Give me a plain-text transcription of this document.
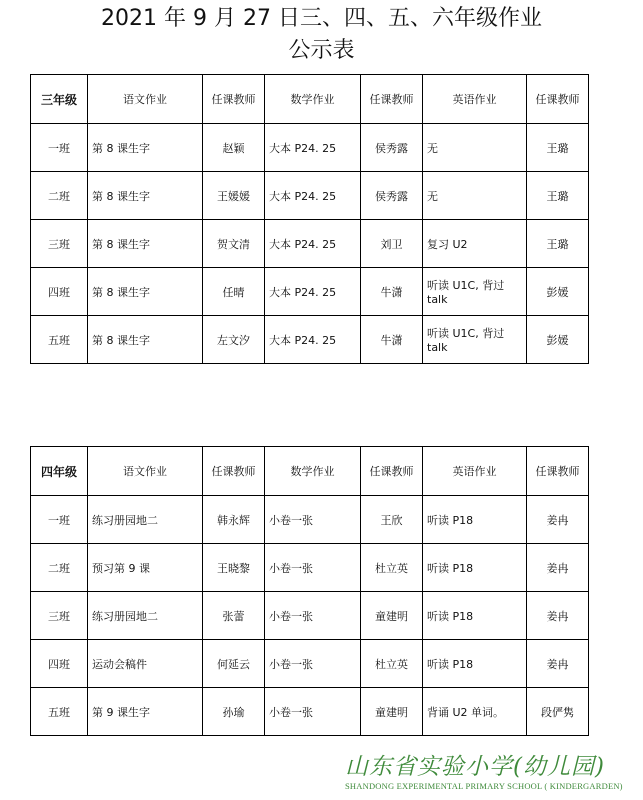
2021 年 9 月 27 日三、四、五、六年级作业
公示表
三年级	语文作业	任课教师	数学作业	任课教师	英语作业	任课教师
一班	第 8 课生字	赵颖	大本 P24. 25	侯秀露	无	王璐
二班	第 8 课生字	王媛媛	大本 P24. 25	侯秀露	无	王璐
三班	第 8 课生字	贺文清	大本 P24. 25	刘卫	复习 U2	王璐
四班	第 8 课生字	任晴	大本 P24. 25	牛潇	听读 U1C, 背过 talk	彭媛
五班	第 8 课生字	左文汐	大本 P24. 25	牛潇	听读 U1C, 背过 talk	彭媛
四年级	语文作业	任课教师	数学作业	任课教师	英语作业	任课教师
一班	练习册园地二	韩永辉	小卷一张	王欣	听读 P18	姜冉
二班	预习第 9 课	王晓黎	小卷一张	杜立英	听读 P18	姜冉
三班	练习册园地二	张蕾	小卷一张	童建明	听读 P18	姜冉
四班	运动会稿件	何延云	小卷一张	杜立英	听读 P18	姜冉
五班	第 9 课生字	孙瑜	小卷一张	童建明	背诵 U2 单词。	段俨隽
山东省实验小学(幼儿园)
SHANDONG EXPERIMENTAL PRIMARY SCHOOL ( KINDERGARDEN)
